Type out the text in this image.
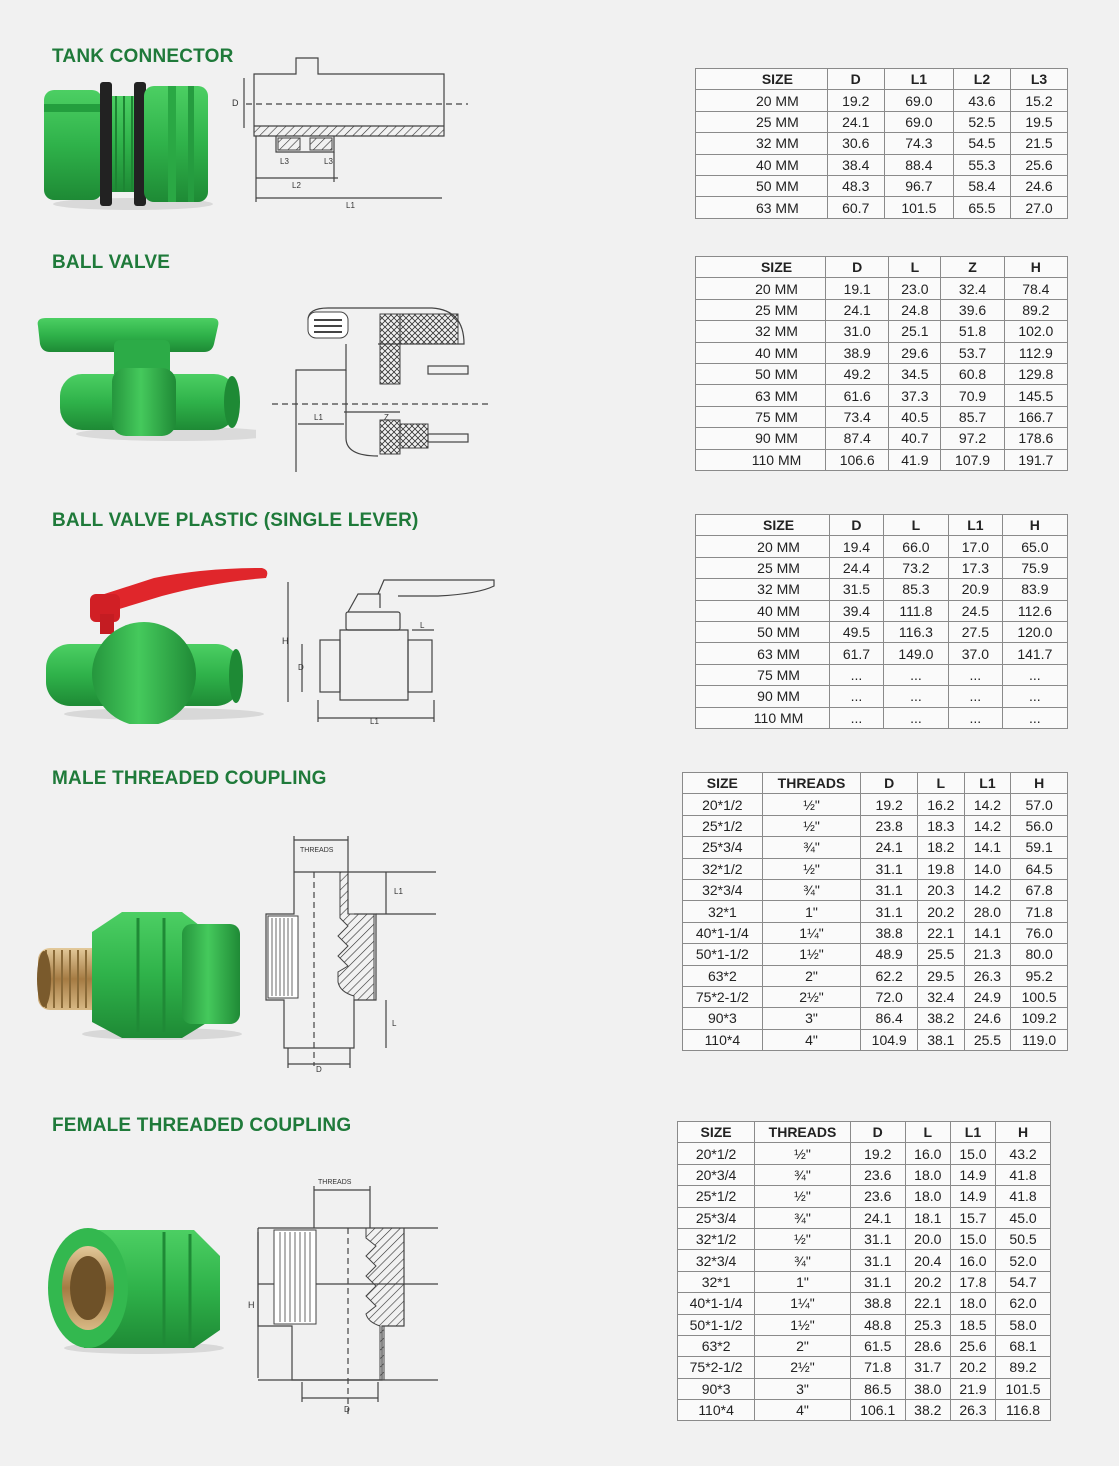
TANK CONNECTOR
D
L3	L3
L2
L1
SIZE	D	L1	L2	L3
20 MM	19.2	69.0	43.6	15.2
25 MM	24.1	69.0	52.5	19.5
32 MM	30.6	74.3	54.5	21.5
40 MM	38.4	88.4	55.3	25.6
50 MM	48.3	96.7	58.4	24.6
63 MM	60.7	101.5	65.5	27.0
BALL VALVE
L1	Z
SIZE	D	L	Z	H
20 MM	19.1	23.0	32.4	78.4
25 MM	24.1	24.8	39.6	89.2
32 MM	31.0	25.1	51.8	102.0
40 MM	38.9	29.6	53.7	112.9
50 MM	49.2	34.5	60.8	129.8
63 MM	61.6	37.3	70.9	145.5
75 MM	73.4	40.5	85.7	166.7
90 MM	87.4	40.7	97.2	178.6
110 MM	106.6	41.9	107.9	191.7
BALL VALVE PLASTIC (SINGLE LEVER)
H
D
L
L1
SIZE	D	L	L1	H
20 MM	19.4	66.0	17.0	65.0
25 MM	24.4	73.2	17.3	75.9
32 MM	31.5	85.3	20.9	83.9
40 MM	39.4	111.8	24.5	112.6
50 MM	49.5	116.3	27.5	120.0
63 MM	61.7	149.0	37.0	141.7
75 MM	...	...	...	...
90 MM	...	...	...	...
110 MM	...	...	...	...
MALE THREADED COUPLING
THREADS
L1
L
D
SIZE	THREADS	D	L	L1	H
20*1/2	½"	19.2	16.2	14.2	57.0
25*1/2	½"	23.8	18.3	14.2	56.0
25*3/4	¾"	24.1	18.2	14.1	59.1
32*1/2	½"	31.1	19.8	14.0	64.5
32*3/4	¾"	31.1	20.3	14.2	67.8
32*1	1"	31.1	20.2	28.0	71.8
40*1-1/4	1¼"	38.8	22.1	14.1	76.0
50*1-1/2	1½"	48.9	25.5	21.3	80.0
63*2	2"	62.2	29.5	26.3	95.2
75*2-1/2	2½"	72.0	32.4	24.9	100.5
90*3	3"	86.4	38.2	24.6	109.2
110*4	4"	104.9	38.1	25.5	119.0
FEMALE THREADED COUPLING
THREADS
H
D
SIZE	THREADS	D	L	L1	H
20*1/2	½"	19.2	16.0	15.0	43.2
20*3/4	¾"	23.6	18.0	14.9	41.8
25*1/2	½"	23.6	18.0	14.9	41.8
25*3/4	¾"	24.1	18.1	15.7	45.0
32*1/2	½"	31.1	20.0	15.0	50.5
32*3/4	¾"	31.1	20.4	16.0	52.0
32*1	1"	31.1	20.2	17.8	54.7
40*1-1/4	1¼"	38.8	22.1	18.0	62.0
50*1-1/2	1½"	48.8	25.3	18.5	58.0
63*2	2"	61.5	28.6	25.6	68.1
75*2-1/2	2½"	71.8	31.7	20.2	89.2
90*3	3"	86.5	38.0	21.9	101.5
110*4	4"	106.1	38.2	26.3	116.8
